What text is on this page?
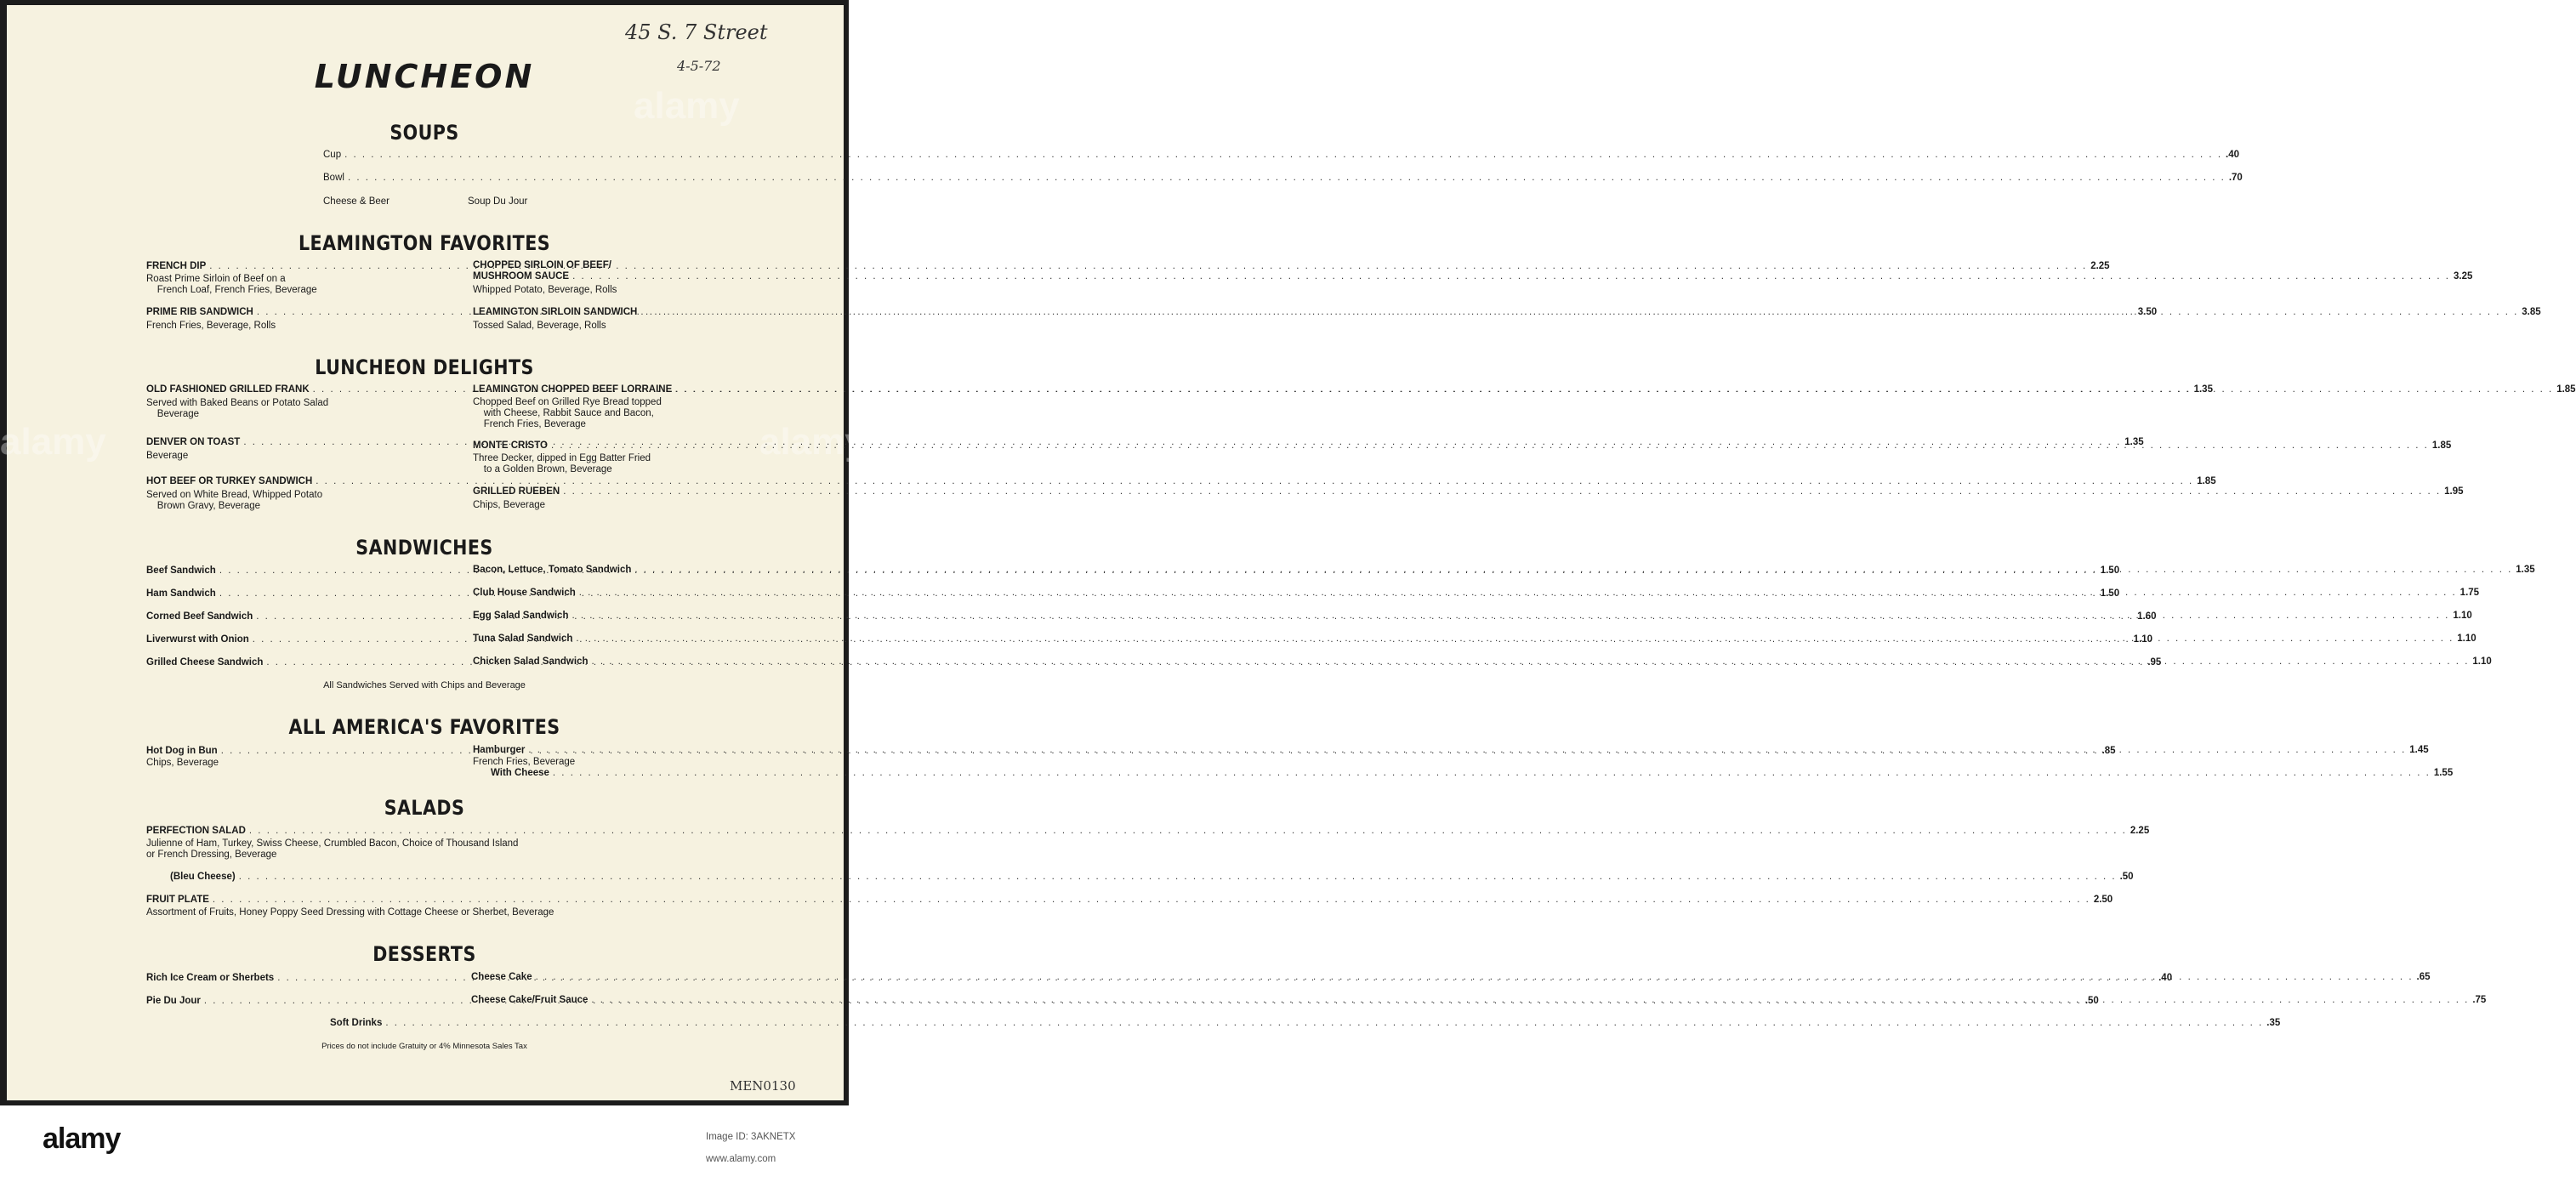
alamy
alamy	alamy
45 S. 7 Street
4-5-72
MEN0130
LUNCHEON
SOUPS
Cup . . .	.40
Bowl . . .	.70
Cheese & Beer	Soup Du Jour
LEAMINGTON FAVORITES
FRENCH DIP . . .	2.25
Roast Prime Sirloin of Beef on a
French Loaf, French Fries, Beverage
PRIME RIB SANDWICH . . .	3.50
French Fries, Beverage, Rolls
CHOPPED SIRLOIN OF BEEF/
MUSHROOM SAUCE . . .	3.25
Whipped Potato, Beverage, Rolls
LEAMINGTON SIRLOIN SANDWICH . . .	3.85
Tossed Salad, Beverage, Rolls
LUNCHEON DELIGHTS
OLD FASHIONED GRILLED FRANK . . .	1.35
Served with Baked Beans or Potato Salad
Beverage
DENVER ON TOAST . . .	1.35
Beverage
HOT BEEF OR TURKEY SANDWICH . . .	1.85
Served on White Bread, Whipped Potato
Brown Gravy, Beverage
LEAMINGTON CHOPPED BEEF LORRAINE . . .	1.85
Chopped Beef on Grilled Rye Bread topped
with Cheese, Rabbit Sauce and Bacon,
French Fries, Beverage
MONTE CRISTO . . .	1.85
Three Decker, dipped in Egg Batter Fried
to a Golden Brown, Beverage
GRILLED RUEBEN . . .	1.95
Chips, Beverage
SANDWICHES
Beef Sandwich . . .	1.50
Ham Sandwich . . .	1.50
Corned Beef Sandwich . . .	1.60
Liverwurst with Onion . . .	1.10
Grilled Cheese Sandwich . . .	.95
Bacon, Lettuce, Tomato Sandwich . . .	1.35
Club House Sandwich . . .	1.75
Egg Salad Sandwich . . .	1.10
Tuna Salad Sandwich . . .	1.10
Chicken Salad Sandwich . . .	1.10
All Sandwiches Served with Chips and Beverage
ALL AMERICA'S FAVORITES
Hot Dog in Bun . . .	.85
Chips, Beverage
Hamburger . . .	1.45
French Fries, Beverage
With Cheese . . .	1.55
SALADS
PERFECTION SALAD . . .	2.25
Julienne of Ham, Turkey, Swiss Cheese, Crumbled Bacon, Choice of Thousand Island
or French Dressing, Beverage
(Bleu Cheese) . . .	.50
FRUIT PLATE . . .	2.50
Assortment of Fruits, Honey Poppy Seed Dressing with Cottage Cheese or Sherbet, Beverage
DESSERTS
Rich Ice Cream or Sherbets . . .	.40
Pie Du Jour . . .	.50
Cheese Cake . . .	.65
Cheese Cake/Fruit Sauce . . .	.75
Soft Drinks . . .	.35
Prices do not include Gratuity or 4% Minnesota Sales Tax
alamy	Image ID: 3AKNETX
www.alamy.com
